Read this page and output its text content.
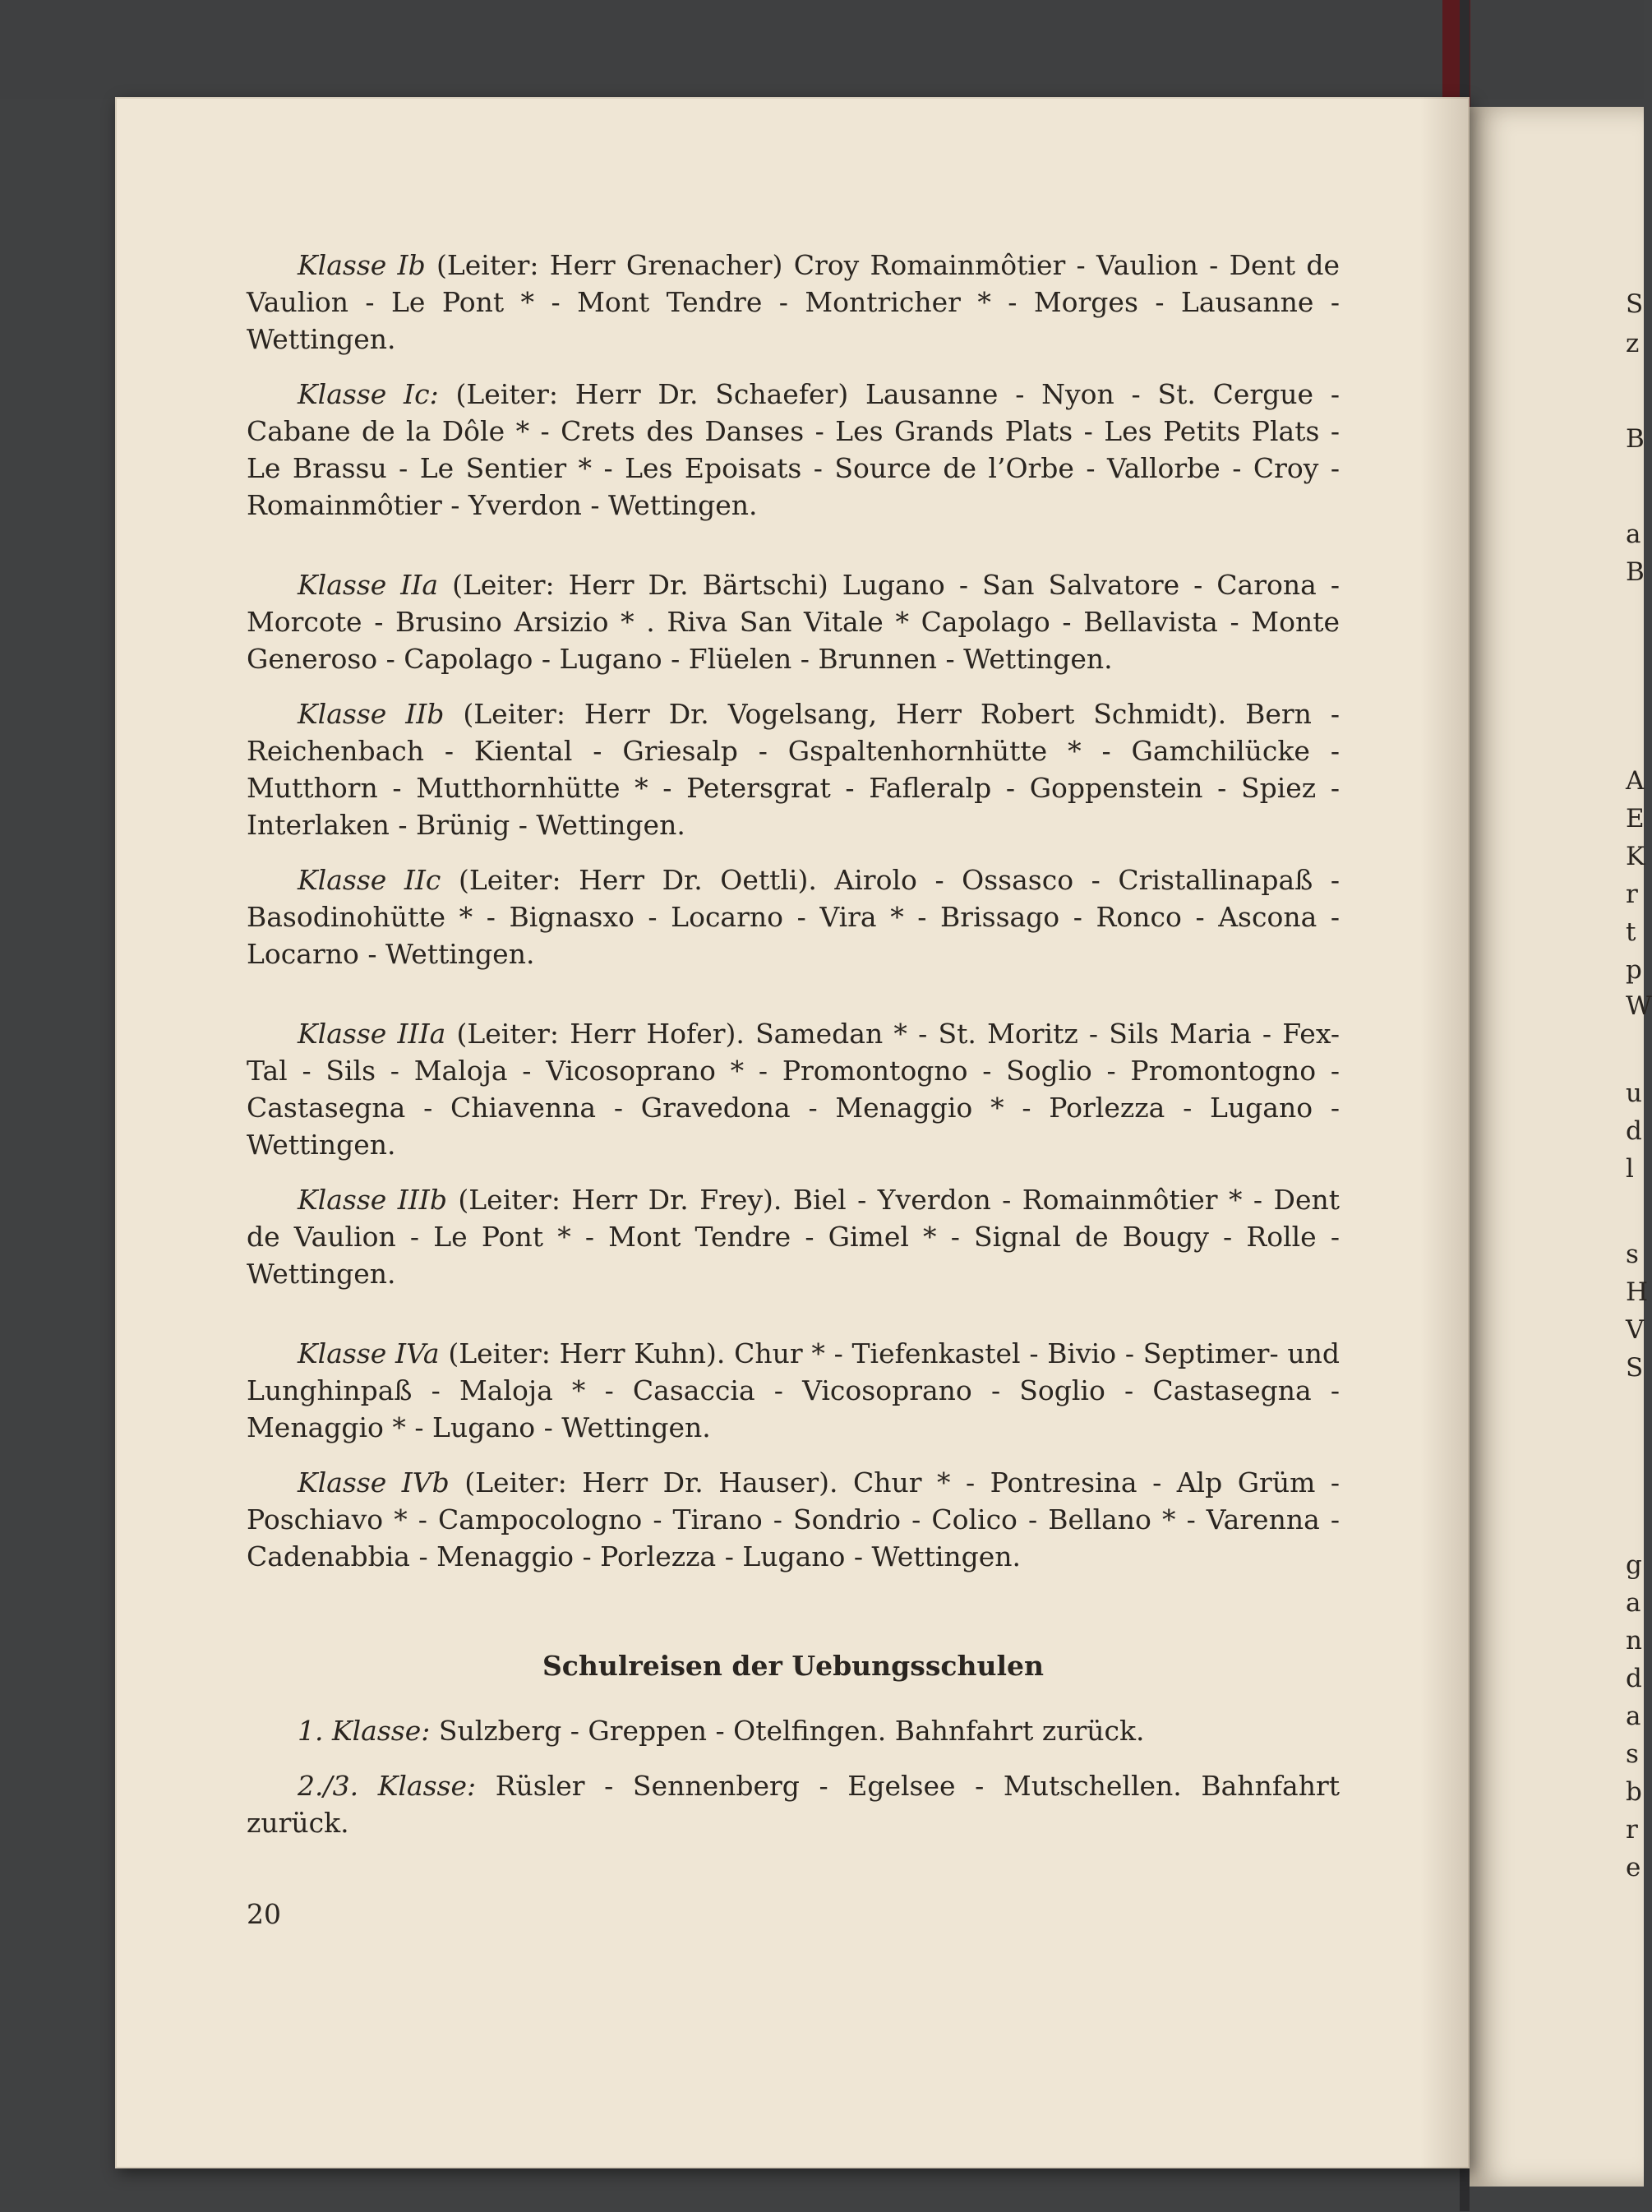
S
z
B
a
B
A
E
K
r
t
p
W
u
d
l
s
H
V
S
g
a
n
d
a
s
b
r
e

Klasse Ib (Leiter: Herr Grenacher) Croy Romainmôtier - Vaulion - Dent de Vaulion - Le Pont * - Mont Tendre - Montricher * - Morges - Lausanne - Wettingen.

Klasse Ic: (Leiter: Herr Dr. Schaefer) Lausanne - Nyon - St. Cergue - Cabane de la Dôle * - Crets des Danses - Les Grands Plats - Les Petits Plats - Le Brassu - Le Sentier * - Les Epoisats - Source de l’Orbe - Vallorbe - Croy - Romainmôtier - Yverdon - Wettingen.

Klasse IIa (Leiter: Herr Dr. Bärtschi) Lugano - San Salvatore - Carona - Morcote - Brusino Arsizio * . Riva San Vitale * Capolago - Bellavista - Monte Generoso - Capolago - Lugano - Flüelen - Brunnen - Wettingen.

Klasse IIb (Leiter: Herr Dr. Vogelsang, Herr Robert Schmidt). Bern - Reichenbach - Kiental - Griesalp - Gspaltenhornhütte * - Gamchilücke - Mutthorn - Mutthornhütte * - Petersgrat - Fafleralp - Goppenstein - Spiez - Interlaken - Brünig - Wettingen.

Klasse IIc (Leiter: Herr Dr. Oettli). Airolo - Ossasco - Cristallinapaß - Basodinohütte * - Bignasxo - Locarno - Vira * - Brissago - Ronco - Ascona - Locarno - Wettingen.

Klasse IIIa (Leiter: Herr Hofer). Samedan * - St. Moritz - Sils Maria - Fex-Tal - Sils - Maloja - Vicosoprano * - Promontogno - Soglio - Promontogno - Castasegna - Chiavenna - Gravedona - Menaggio * - Porlezza - Lugano - Wettingen.

Klasse IIIb (Leiter: Herr Dr. Frey). Biel - Yverdon - Romainmôtier * - Dent de Vaulion - Le Pont * - Mont Tendre - Gimel * - Signal de Bougy - Rolle - Wettingen.

Klasse IVa (Leiter: Herr Kuhn). Chur * - Tiefenkastel - Bivio - Septimer- und Lunghinpaß - Maloja * - Casaccia - Vicosoprano - Soglio - Castasegna - Menaggio * - Lugano - Wettingen.

Klasse IVb (Leiter: Herr Dr. Hauser). Chur * - Pontresina - Alp Grüm - Poschiavo * - Campocologno - Tirano - Sondrio - Colico - Bellano * - Varenna - Cadenabbia - Menaggio - Porlezza - Lugano - Wettingen.

Schulreisen der Uebungsschulen

1. Klasse: Sulzberg - Greppen - Otelfingen. Bahnfahrt zurück.

2./3. Klasse: Rüsler - Sennenberg - Egelsee - Mutschellen. Bahnfahrt zurück.

20
